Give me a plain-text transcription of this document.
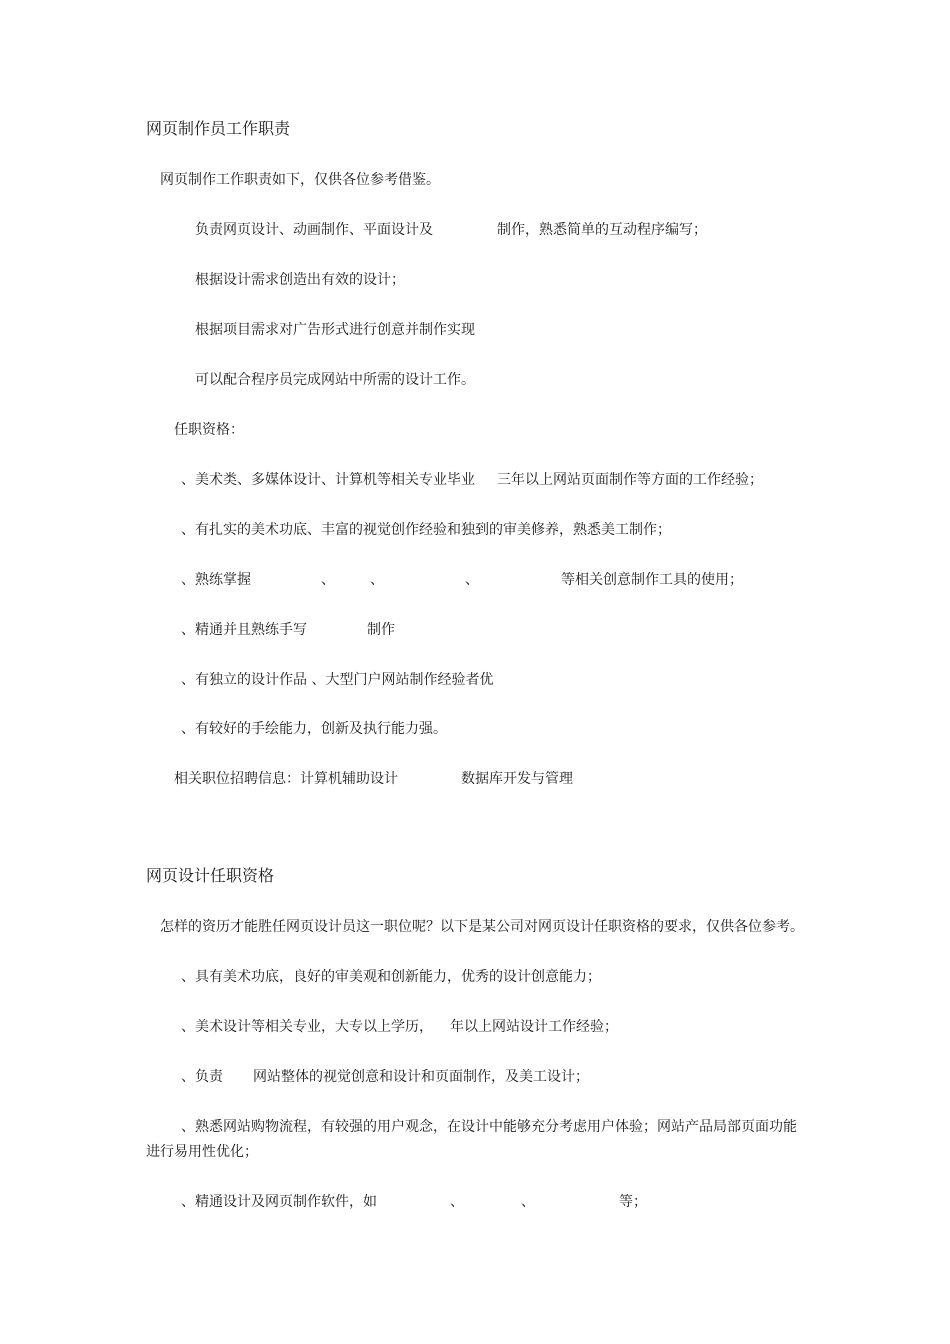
网页制作员工作职责
网页制作工作职责如下，仅供各位参考借鉴。
负责网页设计、动画制作、平面设计及	制作，熟悉简单的互动程序编写；
根据设计需求创造出有效的设计；
根据项目需求对广告形式进行创意并制作实现
可以配合程序员完成网站中所需的设计工作。
任职资格：
、美术类、多媒体设计、计算机等相关专业毕业 三年以上网站页面制作等方面的工作经验；
、有扎实的美术功底、丰富的视觉创作经验和独到的审美修养，熟悉美工制作；
、熟练掌握	、	、	、	等相关创意制作工具的使用；
、精通并且熟练手写	制作
、有独立的设计作品 、大型门户网站制作经验者优
、有较好的手绘能力，创新及执行能力强。
相关职位招聘信息：计算机辅助设计	数据库开发与管理
网页设计任职资格
怎样的资历才能胜任网页设计员这一职位呢？以下是某公司对网页设计任职资格的要求，仅供各位参考。
、具有美术功底，良好的审美观和创新能力，优秀的设计创意能力；
、美术设计等相关专业，大专以上学历， 年以上网站设计工作经验；
、负责 网站整体的视觉创意和设计和页面制作，及美工设计；
、熟悉网站购物流程，有较强的用户观念，在设计中能够充分考虑用户体验；网站产品局部页面功能
进行易用性优化；
、精通设计及网页制作软件，如	、	、	等；
